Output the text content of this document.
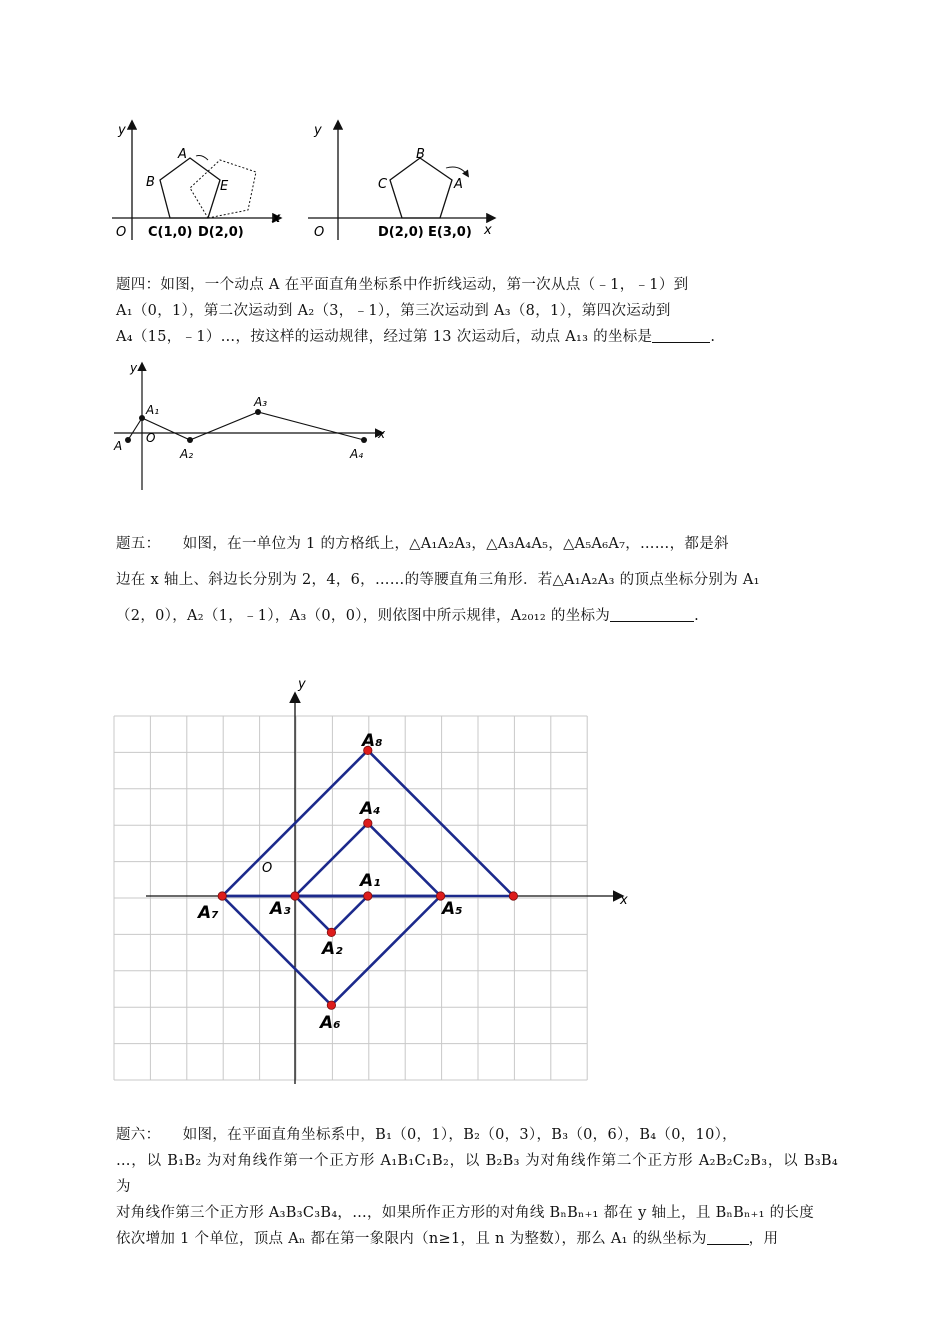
y
x
O
A
B	E
C(1,0) D(2,0)
y
x
O
B
C	A
D(2,0) E(3,0)
题四：如图，一个动点 A 在平面直角坐标系中作折线运动，第一次从点（﹣1，﹣1）到
A₁（0，1），第二次运动到 A₂（3，﹣1），第三次运动到 A₃（8，1），第四次运动到
A₄（15，﹣1）…，按这样的运动规律，经过第 13 次运动后，动点 A₁₃ 的坐标是	.
y
x
O
A
A₁
A₂
A₃
A₄
题五：　　如图，在一单位为 1 的方格纸上，△A₁A₂A₃，△A₃A₄A₅，△A₅A₆A₇，……，都是斜
边在 x 轴上、斜边长分别为 2，4，6，……的等腰直角三角形．若△A₁A₂A₃ 的顶点坐标分别为 A₁
（2，0），A₂（1，﹣1），A₃（0，0），则依图中所示规律，A₂₀₁₂ 的坐标为	.
y
x
O
A₈
A₄
A₁
A₇	A₃	A₅
A₂
A₆
题六：　　如图，在平面直角坐标系中，B₁（0，1），B₂（0，3），B₃（0，6），B₄（0，10），
…，以 B₁B₂ 为对角线作第一个正方形 A₁B₁C₁B₂，以 B₂B₃ 为对角线作第二个正方形 A₂B₂C₂B₃，以 B₃B₄ 为
对角线作第三个正方形 A₃B₃C₃B₄，…，如果所作正方形的对角线 BₙBₙ₊₁ 都在 y 轴上，且 BₙBₙ₊₁ 的长度
依次增加 1 个单位，顶点 Aₙ 都在第一象限内（n≥1，且 n 为整数），那么 A₁ 的纵坐标为	，用
